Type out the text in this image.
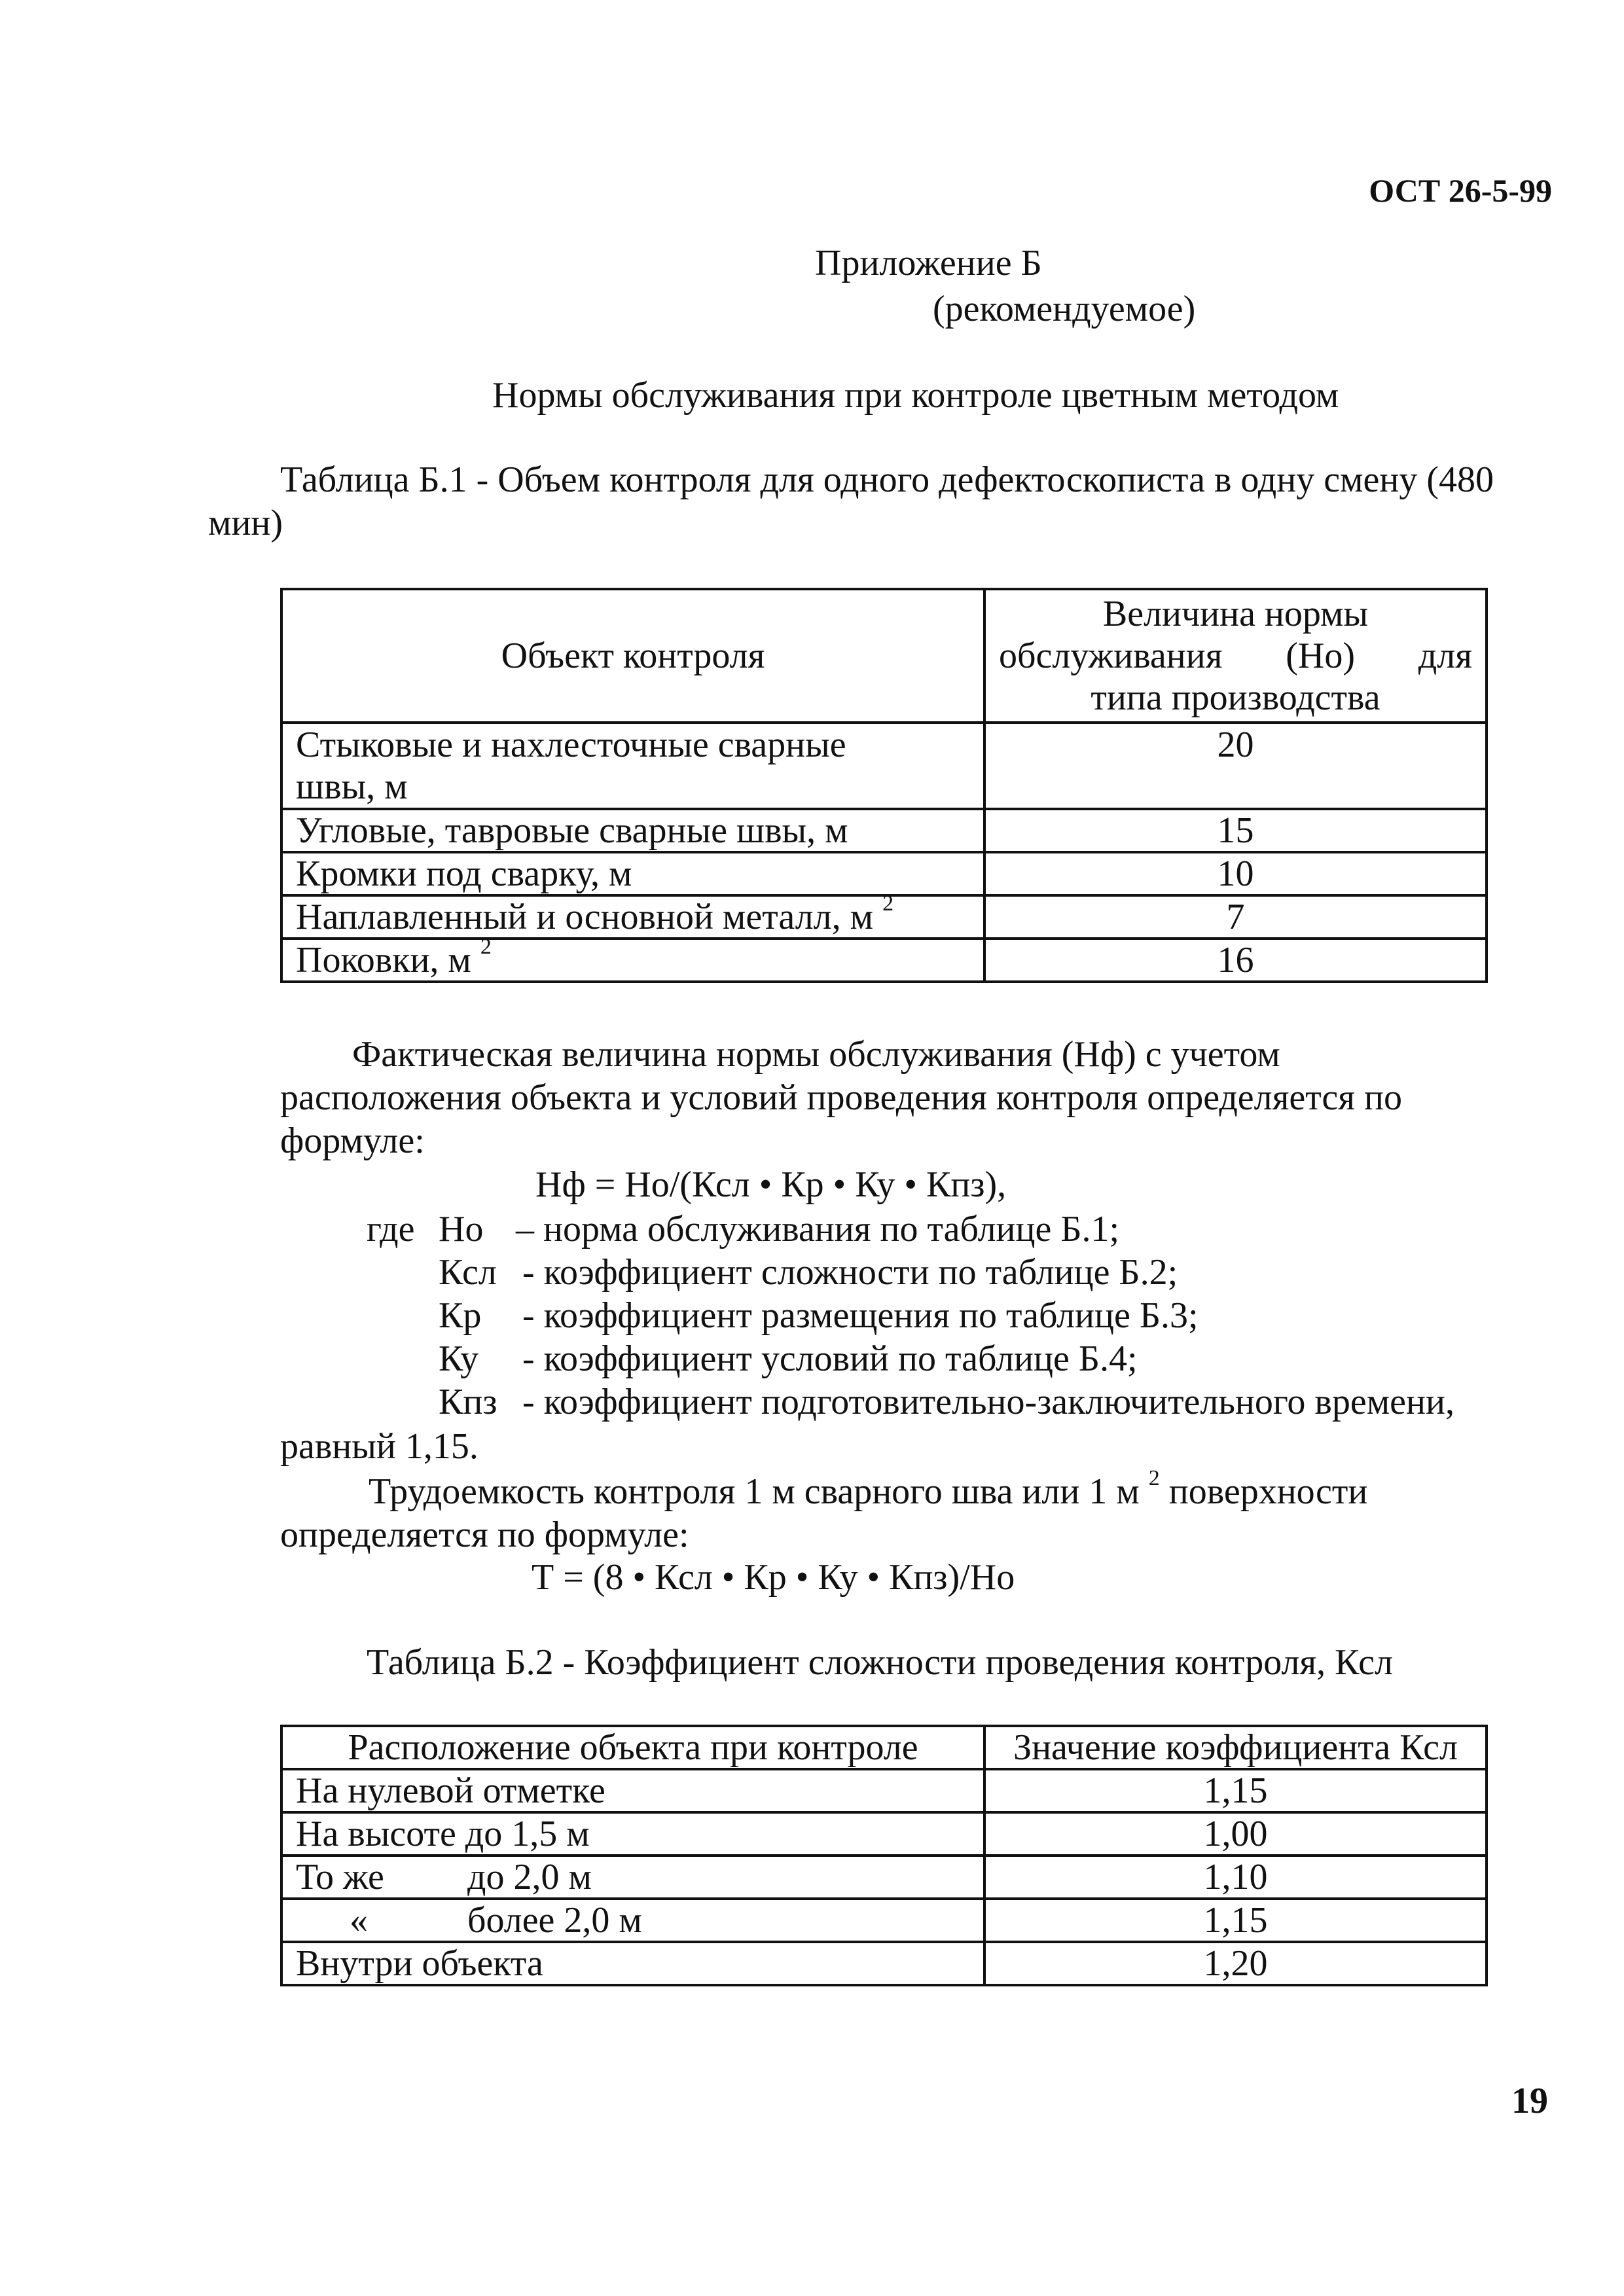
ОСТ 26-5-99
Приложение Б
(рекомендуемое)
Нормы обслуживания при контроле цветным методом
Таблица Б.1 - Объем контроля для одного дефектоскописта в одну смену (480 мин)
Объект контроля	Величина нормы
обслуживания (Но) для
типа производства

Стыковые и нахлесточные сварные
швы, м	20
Угловые, тавровые сварные швы, м	15
Кромки под сварку, м	10
Наплавленный и основной металл, м $^2$	7
Поковки, м $^2$	16
Фактическая величина нормы обслуживания (Нф) с учетом расположения объекта и условий проведения контроля определяется по формуле:
Нф = Но/(Ксл • Кр • Ку • Кпз),
где Но – норма обслуживания по таблице Б.1;
Ксл - коэффициент сложности по таблице Б.2;
Кр	- коэффициент размещения по таблице Б.3;
Ку	- коэффициент условий по таблице Б.4;
Кпз - коэффициент подготовительно-заключительного времени,
равный 1,15.
Трудоемкость контроля 1 м сварного шва или 1 м $^2$ поверхности определяется по формуле:
Т = (8 • Ксл • Кр • Ку • Кпз)/Но
Таблица Б.2 - Коэффициент сложности проведения контроля, Ксл
Расположение объекта при контроле	Значение коэффициента Ксл
На нулевой отметке	1,15
На высоте до 1,5 м	1,00
То же до 2,0 м	1,10
« более 2,0 м	1,15
Внутри объекта	1,20
19
